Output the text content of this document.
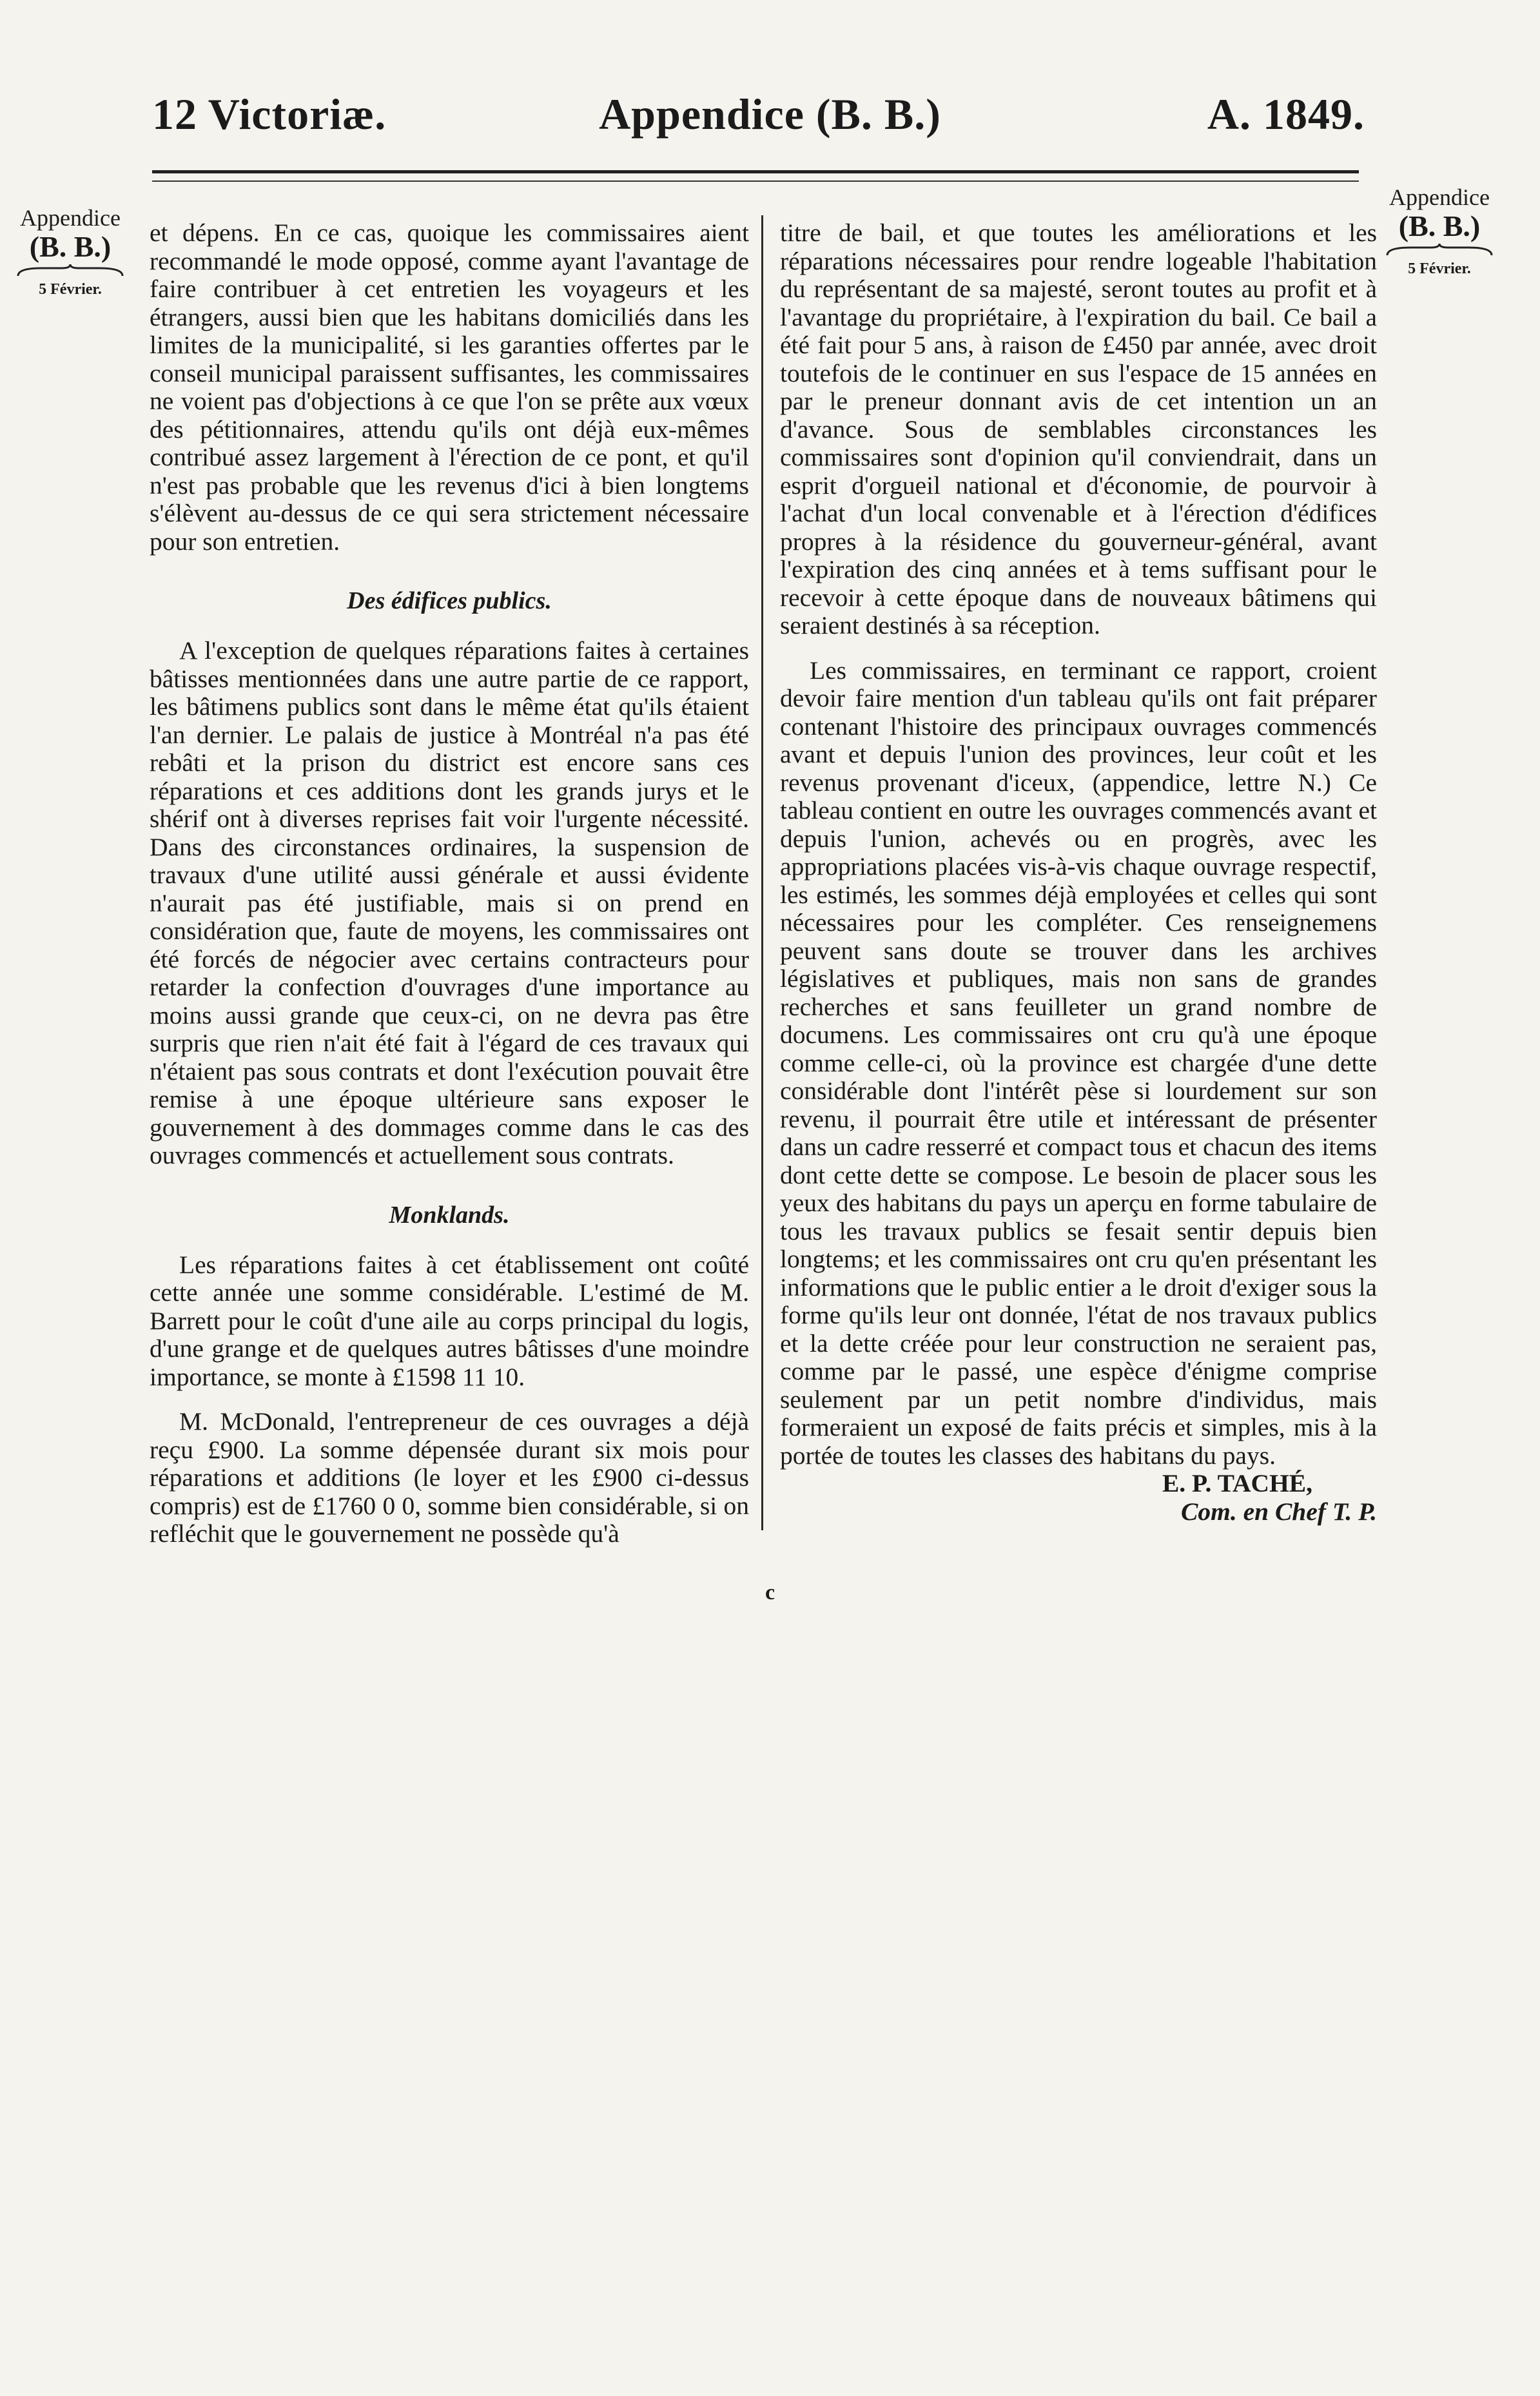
12 Victoriæ.	Appendice (B. B.)	A. 1849.
Appendice
(B. B.)
5 Février.
Appendice
(B. B.)
5 Février.

et dépens. En ce cas, quoique les commissaires aient recommandé le mode opposé, comme ayant l'avantage de faire contribuer à cet entretien les voyageurs et les étrangers, aussi bien que les habitans domiciliés dans les limites de la municipalité, si les garanties offertes par le conseil municipal paraissent suffisantes, les commissaires ne voient pas d'objections à ce que l'on se prête aux vœux des pétitionnaires, attendu qu'ils ont déjà eux-mêmes contribué assez largement à l'érection de ce pont, et qu'il n'est pas probable que les revenus d'ici à bien longtems s'élèvent au-dessus de ce qui sera strictement nécessaire pour son entretien.

Des édifices publics.

A l'exception de quelques réparations faites à certaines bâtisses mentionnées dans une autre partie de ce rapport, les bâtimens publics sont dans le même état qu'ils étaient l'an dernier. Le palais de justice à Montréal n'a pas été rebâti et la prison du district est encore sans ces réparations et ces additions dont les grands jurys et le shérif ont à diverses reprises fait voir l'urgente nécessité. Dans des circonstances ordinaires, la suspension de travaux d'une utilité aussi générale et aussi évidente n'aurait pas été justifiable, mais si on prend en considération que, faute de moyens, les commissaires ont été forcés de négocier avec certains contracteurs pour retarder la confection d'ouvrages d'une importance au moins aussi grande que ceux-ci, on ne devra pas être surpris que rien n'ait été fait à l'égard de ces travaux qui n'étaient pas sous contrats et dont l'exécution pouvait être remise à une époque ultérieure sans exposer le gouvernement à des dommages comme dans le cas des ouvrages commencés et actuellement sous contrats.

Monklands.

Les réparations faites à cet établissement ont coûté cette année une somme considérable. L'estimé de M. Barrett pour le coût d'une aile au corps principal du logis, d'une grange et de quelques autres bâtisses d'une moindre importance, se monte à £1598 11 10.

M. McDonald, l'entrepreneur de ces ouvrages a déjà reçu £900. La somme dépensée durant six mois pour réparations et additions (le loyer et les £900 ci-dessus compris) est de £1760 0 0, somme bien considérable, si on refléchit que le gouvernement ne possède qu'à

titre de bail, et que toutes les améliorations et les réparations nécessaires pour rendre logeable l'habitation du représentant de sa majesté, seront toutes au profit et à l'avantage du propriétaire, à l'expiration du bail. Ce bail a été fait pour 5 ans, à raison de £450 par année, avec droit toutefois de le continuer en sus l'espace de 15 années en par le preneur donnant avis de cet intention un an d'avance. Sous de semblables circonstances les commissaires sont d'opinion qu'il conviendrait, dans un esprit d'orgueil national et d'économie, de pourvoir à l'achat d'un local convenable et à l'érection d'édifices propres à la résidence du gouverneur-général, avant l'expiration des cinq années et à tems suffisant pour le recevoir à cette époque dans de nouveaux bâtimens qui seraient destinés à sa réception.

Les commissaires, en terminant ce rapport, croient devoir faire mention d'un tableau qu'ils ont fait préparer contenant l'histoire des principaux ouvrages commencés avant et depuis l'union des provinces, leur coût et les revenus provenant d'iceux, (appendice, lettre N.) Ce tableau contient en outre les ouvrages commencés avant et depuis l'union, achevés ou en progrès, avec les appropriations placées vis-à-vis chaque ouvrage respectif, les estimés, les sommes déjà employées et celles qui sont nécessaires pour les compléter. Ces renseignemens peuvent sans doute se trouver dans les archives législatives et publiques, mais non sans de grandes recherches et sans feuilleter un grand nombre de documens. Les commissaires ont cru qu'à une époque comme celle-ci, où la province est chargée d'une dette considérable dont l'intérêt pèse si lourdement sur son revenu, il pourrait être utile et intéressant de présenter dans un cadre resserré et compact tous et chacun des items dont cette dette se compose. Le besoin de placer sous les yeux des habitans du pays un aperçu en forme tabulaire de tous les travaux publics se fesait sentir depuis bien longtems; et les commissaires ont cru qu'en présentant les informations que le public entier a le droit d'exiger sous la forme qu'ils leur ont donnée, l'état de nos travaux publics et la dette créée pour leur construction ne seraient pas, comme par le passé, une espèce d'énigme comprise seulement par un petit nombre d'individus, mais formeraient un exposé de faits précis et simples, mis à la portée de toutes les classes des habitans du pays.

E. P. TACHÉ,
Com. en Chef T. P.
c
